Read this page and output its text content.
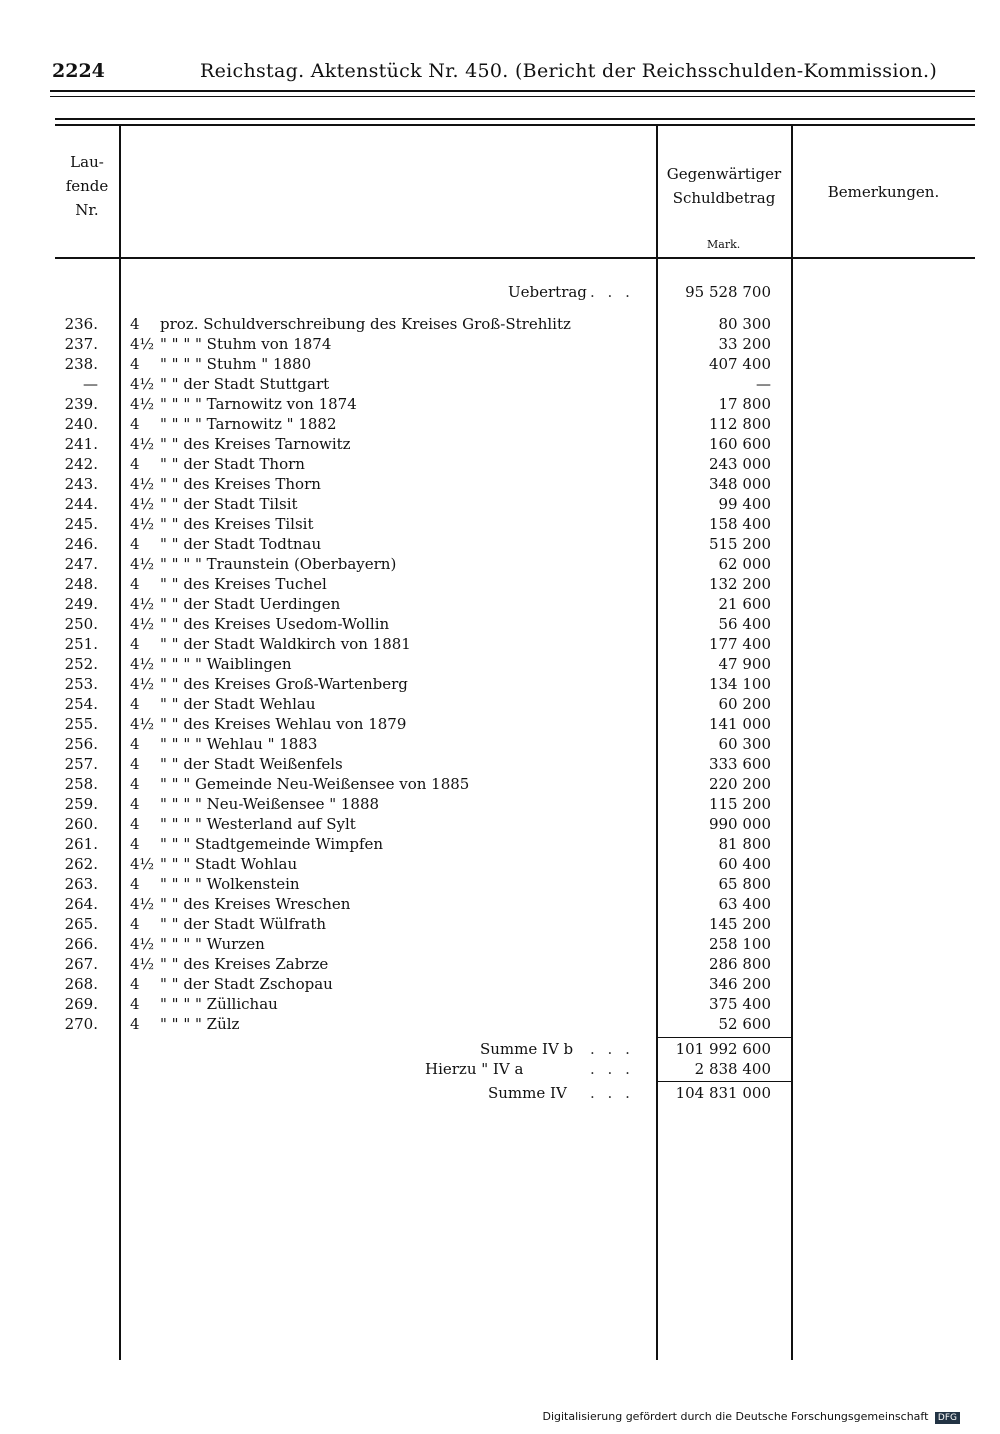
2224	Reichstag. Aktenstück Nr. 450. (Bericht der Reichsschulden-Kommission.)
Lau-
fende
Nr.
Gegenwärtiger
Schuldbetrag
Mark.
Bemerkungen.
Uebertrag . . .	95 528 700
236. 4 proz. Schuldverschreibung des Kreises Groß-Strehlitz	80 300
237. 4½ " " " " Stuhm von 1874	33 200
238. 4 " " " " Stuhm " 1880	407 400
— 4½ " " der Stadt Stuttgart	—
239. 4½ " " " " Tarnowitz von 1874	17 800
240. 4 " " " " Tarnowitz " 1882	112 800
241. 4½ " " des Kreises Tarnowitz	160 600
242. 4 " " der Stadt Thorn	243 000
243. 4½ " " des Kreises Thorn	348 000
244. 4½ " " der Stadt Tilsit	99 400
245. 4½ " " des Kreises Tilsit	158 400
246. 4 " " der Stadt Todtnau	515 200
247. 4½ " " " " Traunstein (Oberbayern)	62 000
248. 4 " " des Kreises Tuchel	132 200
249. 4½ " " der Stadt Uerdingen	21 600
250. 4½ " " des Kreises Usedom-Wollin	56 400
251. 4 " " der Stadt Waldkirch von 1881	177 400
252. 4½ " " " " Waiblingen	47 900
253. 4½ " " des Kreises Groß-Wartenberg	134 100
254. 4 " " der Stadt Wehlau	60 200
255. 4½ " " des Kreises Wehlau von 1879	141 000
256. 4 " " " " Wehlau " 1883	60 300
257. 4 " " der Stadt Weißenfels	333 600
258. 4 " " " Gemeinde Neu-Weißensee von 1885	220 200
259. 4 " " " " Neu-Weißensee " 1888	115 200
260. 4 " " " " Westerland auf Sylt	990 000
261. 4 " " " Stadtgemeinde Wimpfen	81 800
262. 4½ " " " Stadt Wohlau	60 400
263. 4 " " " " Wolkenstein	65 800
264. 4½ " " des Kreises Wreschen	63 400
265. 4 " " der Stadt Wülfrath	145 200
266. 4½ " " " " Wurzen	258 100
267. 4½ " " des Kreises Zabrze	286 800
268. 4 " " der Stadt Zschopau	346 200
269. 4 " " " " Züllichau	375 400
270. 4 " " " " Zülz	52 600
Summe IV b . . .	101 992 600
Hierzu " IV a	. . .	2 838 400
Summe IV . . .	104 831 000
Digitalisierung gefördert durch die Deutsche Forschungsgemeinschaft DFG
